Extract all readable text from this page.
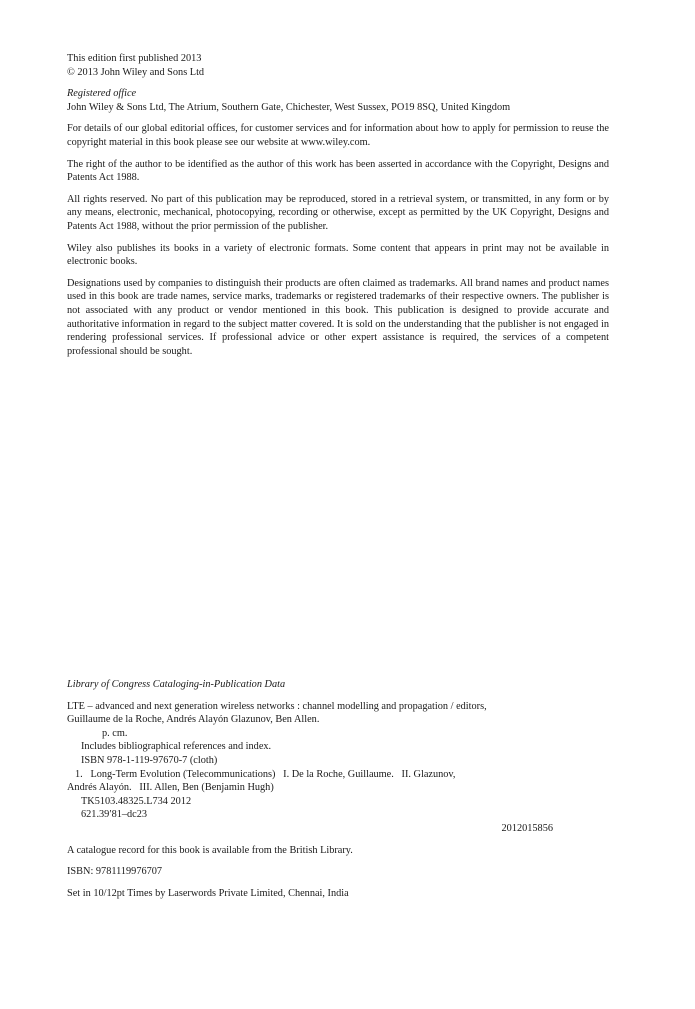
This edition first published 2013
© 2013 John Wiley and Sons Ltd

Registered office
John Wiley & Sons Ltd, The Atrium, Southern Gate, Chichester, West Sussex, PO19 8SQ, United Kingdom

For details of our global editorial offices, for customer services and for information about how to apply for permission to reuse the copyright material in this book please see our website at www.wiley.com.

The right of the author to be identified as the author of this work has been asserted in accordance with the Copyright, Designs and Patents Act 1988.

All rights reserved. No part of this publication may be reproduced, stored in a retrieval system, or transmitted, in any form or by any means, electronic, mechanical, photocopying, recording or otherwise, except as permitted by the UK Copyright, Designs and Patents Act 1988, without the prior permission of the publisher.

Wiley also publishes its books in a variety of electronic formats. Some content that appears in print may not be available in electronic books.

Designations used by companies to distinguish their products are often claimed as trademarks. All brand names and product names used in this book are trade names, service marks, trademarks or registered trademarks of their respective owners. The publisher is not associated with any product or vendor mentioned in this book. This publication is designed to provide accurate and authoritative information in regard to the subject matter covered. It is sold on the understanding that the publisher is not engaged in rendering professional services. If professional advice or other expert assistance is required, the services of a competent professional should be sought.

Library of Congress Cataloging-in-Publication Data

LTE – advanced and next generation wireless networks : channel modelling and propagation / editors,
Guillaume de la Roche, Andrés Alayón Glazunov, Ben Allen.
p. cm.
Includes bibliographical references and index.
ISBN 978-1-119-97670-7 (cloth)
1.   Long-Term Evolution (Telecommunications)   I. De la Roche, Guillaume.   II. Glazunov,
Andrés Alayón.   III. Allen, Ben (Benjamin Hugh)
TK5103.48325.L734 2012
621.39′81–dc23
2012015856

A catalogue record for this book is available from the British Library.

ISBN: 9781119976707

Set in 10/12pt Times by Laserwords Private Limited, Chennai, India
